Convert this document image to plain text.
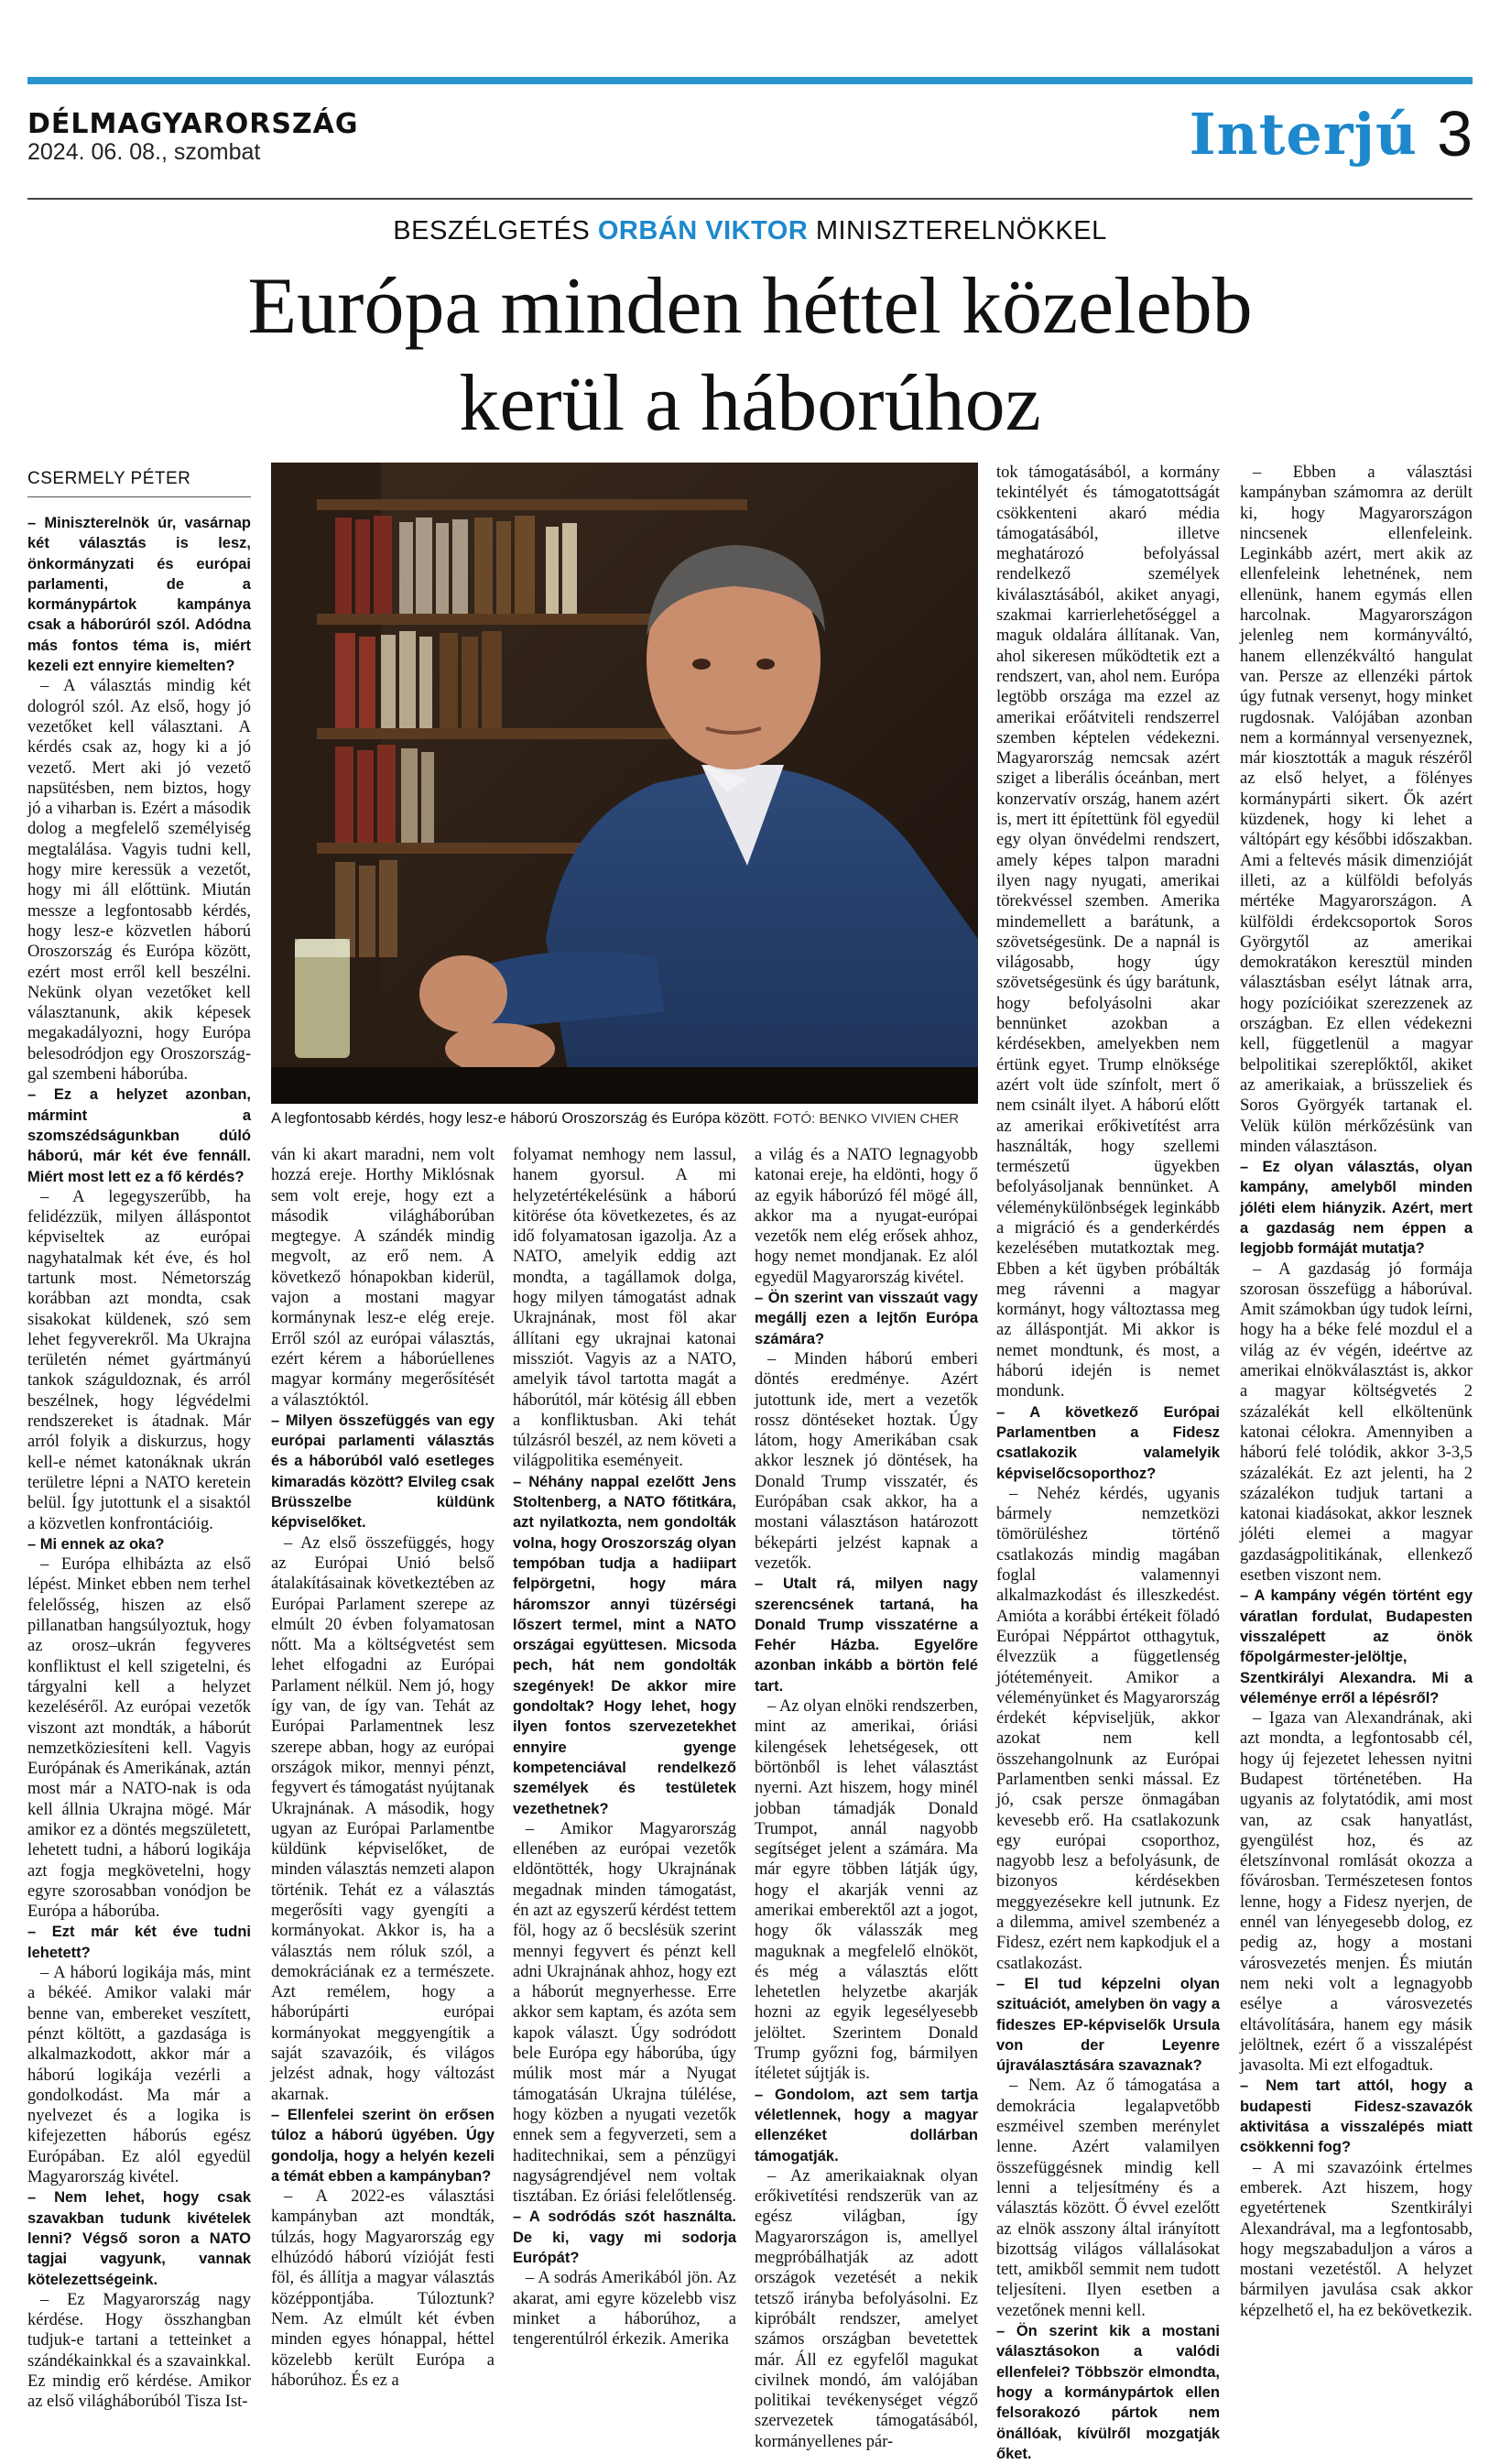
DÉLMAGYARORSZÁG
2024. 06. 08., szombat	Interjú 3
BESZÉLGETÉS ORBÁN VIKTOR MINISZTERELNÖKKEL
Európa minden héttel közelebb
kerül a háborúhoz
CSERMELY PÉTER
A legfontosabb kérdés, hogy lesz-e háború Oroszország és Európa között. FOTÓ: BENKO VIVIEN CHER

– Miniszterelnök úr, vasárnap két választás is lesz, önkormányzati és európai parlamenti, de a kormánypártok kampánya csak a háborúról szól. Adódna más fontos téma is, miért kezeli ezt ennyire kiemelten?

– A választás mindig két dologról szól. Az első, hogy jó vezetőket kell választani. A kérdés csak az, hogy ki a jó vezető. Mert aki jó vezető napsütésben, nem biztos, hogy jó a viharban is. Ezért a második dolog a megfelelő személyiség megtalálása. Vagyis tudni kell, hogy mire keressük a vezetőt, hogy mi áll előttünk. Miután messze a legfontosabb kérdés, hogy lesz-e közvetlen háború Oroszország és Európa között, ezért most erről kell beszélni. Nekünk olyan vezetőket kell választanunk, akik képesek megakadályozni, hogy Európa belesodródjon egy Oroszország-gal szembeni háborúba.

– Ez a helyzet azonban, mármint a szomszédságunkban dúló háború, már két éve fennáll. Miért most lett ez a fő kérdés?

– A legegyszerűbb, ha felidézzük, milyen álláspontot képviseltek az európai nagyhatalmak két éve, és hol tartunk most. Németország korábban azt mondta, csak sisakokat küldenek, szó sem lehet fegyverekről. Ma Ukrajna területén német gyártmányú tankok száguldoznak, és arról beszélnek, hogy légvédelmi rendszereket is átadnak. Már arról folyik a diskurzus, hogy kell-e német katonáknak ukrán területre lépni a NATO keretein belül. Így jutottunk el a sisaktól a közvetlen konfrontációig.

– Mi ennek az oka?

– Európa elhibázta az első lépést. Minket ebben nem terhel felelősség, hiszen az első pillanatban hangsúlyoztuk, hogy az orosz–ukrán fegyveres konfliktust el kell szigetelni, és tárgyalni kell a helyzet kezeléséről. Az európai vezetők viszont azt mondták, a háborút nemzetköziesíteni kell. Vagyis Európának és Amerikának, aztán most már a NATO-nak is oda kell állnia Ukrajna mögé. Már amikor ez a döntés megszületett, lehetett tudni, a háború logikája azt fogja megkövetelni, hogy egyre szorosabban vonódjon be Európa a háborúba.

– Ezt már két éve tudni lehetett?

– A háború logikája más, mint a békéé. Amikor valaki már benne van, embereket veszített, pénzt költött, a gazdasága is alkalmazkodott, akkor már a háború logikája vezérli a gondolkodást. Ma már a nyelvezet és a logika is kifejezetten háborús egész Európában. Ez alól egyedül Magyarország kivétel.

– Nem lehet, hogy csak szavakban tudunk kivételek lenni? Végső soron a NATO tagjai vagyunk, vannak kötelezettségeink.

– Ez Magyarország nagy kérdése. Hogy összhangban tudjuk-e tartani a tetteinket a szándékainkkal és a szavainkkal. Ez mindig erő kérdése. Amikor az első világháborúból Tisza Ist-

ván ki akart maradni, nem volt hozzá ereje. Horthy Miklósnak sem volt ereje, hogy ezt a második világháborúban megtegye. A szándék mindig megvolt, az erő nem. A következő hónapokban kiderül, vajon a mostani magyar kormánynak lesz-e elég ereje. Erről szól az európai választás, ezért kérem a háborúellenes magyar kormány megerősítését a választóktól.

– Milyen összefüggés van egy európai parlamenti választás és a háborúból való esetleges kimaradás között? Elvileg csak Brüsszelbe küldünk képviselőket.

– Az első összefüggés, hogy az Európai Unió belső átalakításainak következtében az Európai Parlament szerepe az elmúlt 20 évben folyamatosan nőtt. Ma a költségvetést sem lehet elfogadni az Európai Parlament nélkül. Nem jó, hogy így van, de így van. Tehát az Európai Parlamentnek lesz szerepe abban, hogy az európai országok mikor, mennyi pénzt, fegyvert és támogatást nyújtanak Ukrajnának. A második, hogy ugyan az Európai Parlamentbe küldünk képviselőket, de minden választás nemzeti alapon történik. Tehát ez a választás megerősíti vagy gyengíti a kormányokat. Akkor is, ha a választás nem róluk szól, a demokráciának ez a természete. Azt remélem, hogy a háborúpárti európai kormányokat meggyengítik a saját szavazóik, és világos jelzést adnak, hogy változást akarnak.

– Ellenfelei szerint ön erősen túloz a háború ügyében. Úgy gondolja, hogy a helyén kezeli a témát ebben a kampányban?

– A 2022-es választási kampányban azt mondták, túlzás, hogy Magyarország egy elhúzódó háború vízióját festi föl, és állítja a magyar választás középpontjába. Túloztunk? Nem. Az elmúlt két évben minden egyes hónappal, héttel közelebb került Európa a háborúhoz. És ez a

folyamat nemhogy nem lassul, hanem gyorsul. A mi helyzetértékelésünk a háború kitörése óta következetes, és az idő folyamatosan igazolja. Az a NATO, amelyik eddig azt mondta, a tagállamok dolga, hogy milyen támogatást adnak Ukrajnának, most föl akar állítani egy ukrajnai katonai missziót. Vagyis az a NATO, amelyik távol tartotta magát a háborútól, már kötésig áll ebben a konfliktusban. Aki tehát túlzásról beszél, az nem követi a világpolitika eseményeit.

– Néhány nappal ezelőtt Jens Stoltenberg, a NATO főtitkára, azt nyilatkozta, nem gondolták volna, hogy Oroszország olyan tempóban tudja a hadiipart felpörgetni, hogy mára háromszor annyi tüzérségi lőszert termel, mint a NATO országai együttesen. Micsoda pech, hát nem gondolták szegények! De akkor mire gondoltak? Hogy lehet, hogy ilyen fontos szervezetekhet ennyire gyenge kompetenciával rendelkező személyek és testületek vezethetnek?

– Amikor Magyarország ellenében az európai vezetők eldöntötték, hogy Ukrajnának megadnak minden támogatást, én azt az egyszerű kérdést tettem föl, hogy az ő becslésük szerint mennyi fegyvert és pénzt kell adni Ukrajnának ahhoz, hogy ezt a háborút megnyerhesse. Erre akkor sem kaptam, és azóta sem kapok választ. Úgy sodródott bele Európa egy háborúba, úgy múlik most már a Nyugat támogatásán Ukrajna túlélése, hogy közben a nyugati vezetők ennek sem a fegyverzeti, sem a haditechnikai, sem a pénzügyi nagyságrendjével nem voltak tisztában. Ez óriási felelőtlenség.

– A sodródás szót használta. De ki, vagy mi sodorja Európát?

– A sodrás Amerikából jön. Az akarat, ami egyre közelebb visz minket a háborúhoz, a tengerentúlról érkezik. Amerika

a világ és a NATO legnagyobb katonai ereje, ha eldönti, hogy ő az egyik háborúzó fél mögé áll, akkor ma a nyugat-európai vezetők nem elég erősek ahhoz, hogy nemet mondjanak. Ez alól egyedül Magyarország kivétel.

– Ön szerint van visszaút vagy megállj ezen a lejtőn Európa számára?

– Minden háború emberi döntés eredménye. Azért jutottunk ide, mert a vezetők rossz döntéseket hoztak. Úgy látom, hogy Amerikában csak akkor lesznek jó döntések, ha Donald Trump visszatér, és Európában csak akkor, ha a mostani választáson határozott békepárti jelzést kapnak a vezetők.

– Utalt rá, milyen nagy szerencsének tartaná, ha Donald Trump visszatérne a Fehér Házba. Egyelőre azonban inkább a börtön felé tart.

– Az olyan elnöki rendszerben, mint az amerikai, óriási kilengések lehetségesek, ott börtönből is lehet választást nyerni. Azt hiszem, hogy minél jobban támadják Donald Trumpot, annál nagyobb segítséget jelent a számára. Ma már egyre többen látják úgy, hogy el akarják venni az amerikai emberektől azt a jogot, hogy ők válasszák meg maguknak a megfelelő elnököt, és még a választás előtt lehetetlen helyzetbe akarják hozni az egyik legesélyesebb jelöltet. Szerintem Donald Trump győzni fog, bármilyen ítéletet sújtják is.

– Gondolom, azt sem tartja véletlennek, hogy a magyar ellenzéket dollárban támogatják.

– Az amerikaiaknak olyan erőkivetítési rendszerük van az egész világban, így Magyarországon is, amellyel megpróbálhatják az adott országok vezetését a nekik tetsző irányba befolyásolni. Ez kipróbált rendszer, amelyet számos országban bevetettek már. Áll ez egyfelől magukat civilnek mondó, ám valójában politikai tevékenységet végző szervezetek támogatásából, kormányellenes pár-

tok támogatásából, a kormány tekintélyét és támogatottságát csökkenteni akaró média támogatásából, illetve meghatározó befolyással rendelkező személyek kiválasztásából, akiket anyagi, szakmai karrierlehetőséggel a maguk oldalára állítanak. Van, ahol sikeresen működtetik ezt a rendszert, van, ahol nem. Európa legtöbb országa ma ezzel az amerikai erőátviteli rendszerrel szemben képtelen védekezni. Magyarország nemcsak azért sziget a liberális óceánban, mert konzervatív ország, hanem azért is, mert itt építettünk föl egyedül egy olyan önvédelmi rendszert, amely képes talpon maradni ilyen nagy nyugati, amerikai törekvéssel szemben. Amerika mindemellett a barátunk, a szövetségesünk. De a napnál is világosabb, hogy úgy szövetségesünk és úgy barátunk, hogy befolyásolni akar bennünket azokban a kérdésekben, amelyekben nem értünk egyet. Trump elnöksége azért volt üde színfolt, mert ő nem csinált ilyet. A háború előtt az amerikai erőkivetítést arra használták, hogy szellemi természetű ügyekben befolyásoljanak bennünket. A véleménykülönbségek leginkább a migráció és a genderkérdés kezelésében mutatkoztak meg. Ebben a két ügyben próbálták meg rávenni a magyar kormányt, hogy változtassa meg az álláspontját. Mi akkor is nemet mondtunk, és most, a háború idején is nemet mondunk.

– A következő Európai Parlamentben a Fidesz csatlakozik valamelyik képviselőcsoporthoz?

– Nehéz kérdés, ugyanis bármely nemzetközi tömörüléshez történő csatlakozás mindig magában foglal valamennyi alkalmazkodást és illeszkedést. Amióta a korábbi értékeit föladó Európai Néppártot otthagytuk, élvezzük a függetlenség jótéteményeit. Amikor a véleményünket és Magyarország érdekét képviseljük, akkor azokat nem kell összehangolnunk az Európai Parlamentben senki mással. Ez jó, csak persze önmagában kevesebb erő. Ha csatlakozunk egy európai csoporthoz, nagyobb lesz a befolyásunk, de bizonyos kérdésekben meggyezésekre kell jutnunk. Ez a dilemma, amivel szembenéz a Fidesz, ezért nem kapkodjuk el a csatlakozást.

– El tud képzelni olyan szituációt, amelyben ön vagy a fideszes EP-képviselők Ursula von der Leyenre újraválasztására szavaznak?

– Nem. Az ő támogatása a demokrácia legalapvetőbb eszméivel szemben merénylet lenne. Azért valamilyen összefüggésnek mindig kell lenni a teljesítmény és a választás között. Ő évvel ezelőtt az elnök asszony által irányított bizottság világos vállalásokat tett, amikből semmit nem tudott teljesíteni. Ilyen esetben a vezetőnek menni kell.

– Ön szerint kik a mostani választásokon a valódi ellenfelei? Többször elmondta, hogy a kormánypártok ellen felsorakozó pártok nem önállóak, kívülről mozgatják őket.

– Ebben a választási kampányban számomra az derült ki, hogy Magyarországon nincsenek ellenfeleink. Leginkább azért, mert akik az ellenfeleink lehetnének, nem ellenünk, hanem egymás ellen harcolnak. Magyarországon jelenleg nem kormányváltó, hanem ellenzékváltó hangulat van. Persze az ellenzéki pártok úgy futnak versenyt, hogy minket rugdosnak. Valójában azonban nem a kormánnyal versenyeznek, már kiosztották a maguk részéről az első helyet, a fölényes kormánypárti sikert. Ők azért küzdenek, hogy ki lehet a váltópárt egy későbbi időszakban. Ami a feltevés másik dimenzióját illeti, az a külföldi befolyás mértéke Magyarországon. A külföldi érdekcsoportok Soros Györgytől az amerikai demokratákon keresztül minden választásban esélyt látnak arra, hogy pozícióikat szerezzenek az országban. Ez ellen védekezni kell, függetlenül a magyar belpolitikai szereplőktől, akiket az amerikaiak, a brüsszeliek és Soros Györgyék tartanak el. Velük külön mérkőzésünk van minden választáson.

– Ez olyan választás, olyan kampány, amelyből minden jóléti elem hiányzik. Azért, mert a gazdaság nem éppen a legjobb formáját mutatja?

– A gazdaság jó formája szorosan összefügg a háborúval. Amit számokban úgy tudok leírni, hogy ha a béke felé mozdul el a világ az év végén, ideértve az amerikai elnökválasztást is, akkor a magyar költségvetés 2 százalékát kell elköltenünk katonai célokra. Amennyiben a háború felé tolódik, akkor 3-3,5 százalékát. Ez azt jelenti, ha 2 százalékon tudjuk tartani a katonai kiadásokat, akkor lesznek jóléti elemei a magyar gazdaságpolitikának, ellenkező esetben viszont nem.

– A kampány végén történt egy váratlan fordulat, Budapesten visszalépett az önök főpolgármester-jelöltje, Szentkirályi Alexandra. Mi a véleménye erről a lépésről?

– Igaza van Alexandrának, aki azt mondta, a legfontosabb cél, hogy új fejezetet lehessen nyitni Budapest történetében. Ha ugyanis az folytatódik, ami most van, az csak hanyatlást, gyengülést hoz, és az életszínvonal romlását okozza a fővárosban. Természetesen fontos lenne, hogy a Fidesz nyerjen, de ennél van lényegesebb dolog, ez pedig az, hogy a mostani városvezetés menjen. És miután nem neki volt a legnagyobb esélye a városvezetés eltávolítására, hanem egy másik jelöltnek, ezért ő a visszalépést javasolta. Mi ezt elfogadtuk.

– Nem tart attól, hogy a budapesti Fidesz-szavazók aktivitása a visszalépés miatt csökkenni fog?

– A mi szavazóink értelmes emberek. Azt hiszem, hogy egyetértenek Szentkirályi Alexandrával, ma a legfontosabb, hogy megszabaduljon a város a mostani vezetéstől. A helyzet bármilyen javulása csak akkor képzelhető el, ha ez bekövetkezik.
